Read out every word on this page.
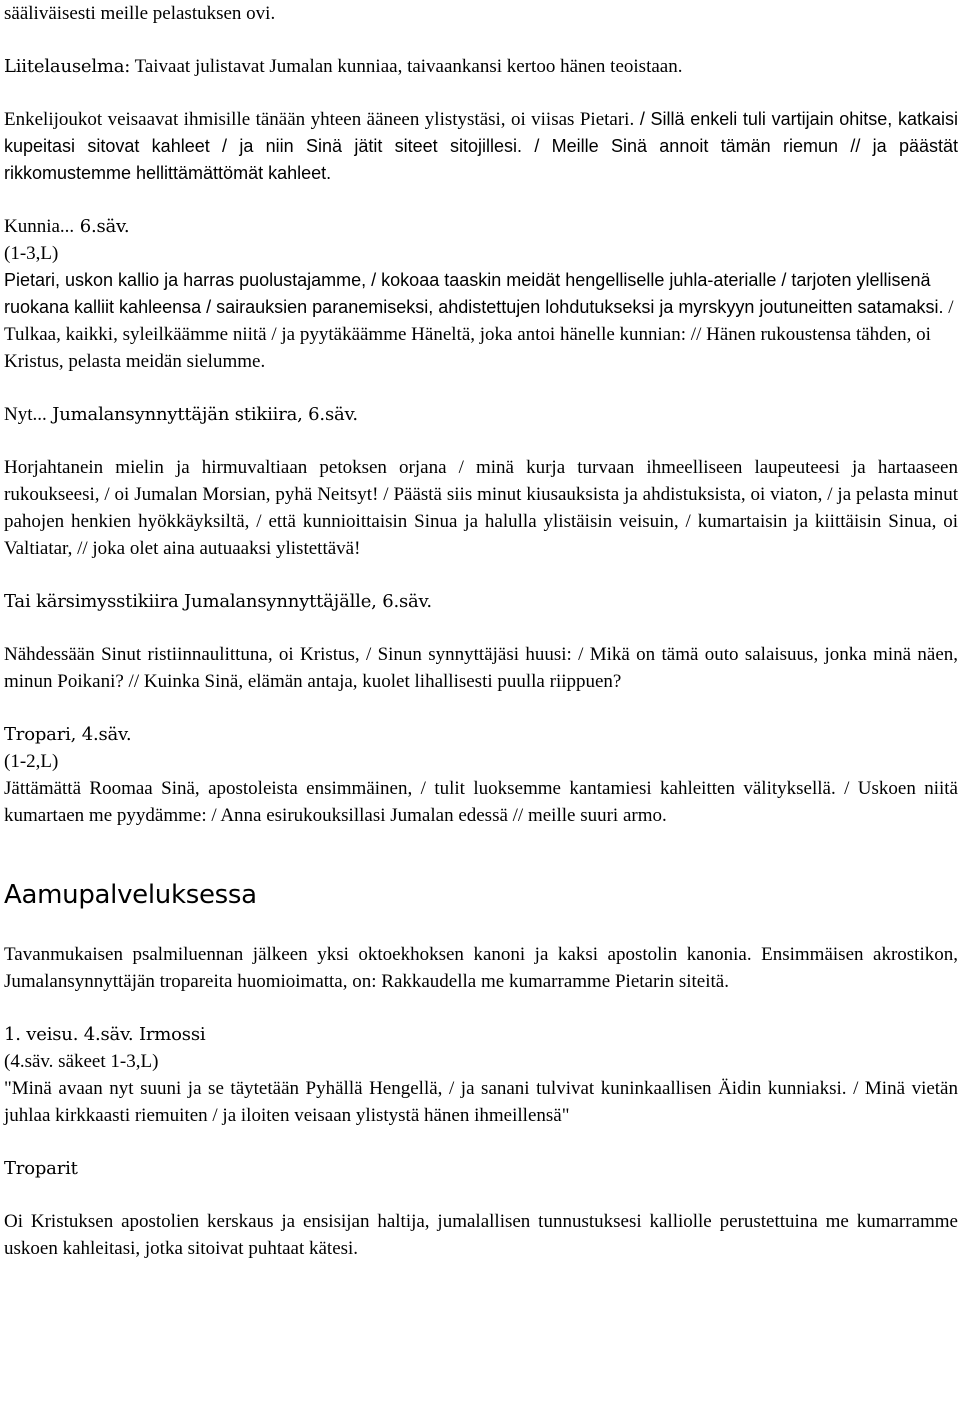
sääliväisesti meille pelastuksen ovi.

Liitelauselma: Taivaat julistavat Jumalan kunniaa, taivaankansi kertoo hänen teoistaan.

Enkelijoukot veisaavat ihmisille tänään yhteen ääneen ylistystäsi, oi viisas Pietari. / Sillä enkeli tuli vartijain ohitse, katkaisi kupeitasi sitovat kahleet / ja niin Sinä jätit siteet sitojillesi. / Meille Sinä annoit tämän riemun // ja päästät rikkomustemme hellittämättömät kahleet.

Kunnia... 6.säv.
(1-3,L)
Pietari, uskon kallio ja harras puolustajamme, / kokoaa taaskin meidät hengelliselle juhla-aterialle / tarjoten ylellisenä ruokana kalliit kahleensa / sairauksien paranemiseksi, ahdistettujen lohdutukseksi ja myrskyyn joutuneitten satamaksi. / Tulkaa, kaikki, syleilkäämme niitä / ja pyytäkäämme Häneltä, joka antoi hänelle kunnian: // Hänen rukoustensa tähden, oi Kristus, pelasta meidän sielumme.

Nyt... Jumalansynnyttäjän stikiira, 6.säv.

Horjahtanein mielin ja hirmuvaltiaan petoksen orjana / minä kurja turvaan ihmeelliseen laupeuteesi ja hartaaseen rukoukseesi, / oi Jumalan Morsian, pyhä Neitsyt! / Päästä siis minut kiusauksista ja ahdistuksista, oi viaton, / ja pelasta minut pahojen henkien hyökkäyksiltä, / että kunnioittaisin Sinua ja halulla ylistäisin veisuin, / kumartaisin ja kiittäisin Sinua, oi Valtiatar, // joka olet aina autuaaksi ylistettävä!

Tai kärsimysstikiira Jumalansynnyttäjälle, 6.säv.

Nähdessään Sinut ristiinnaulittuna, oi Kristus, / Sinun synnyttäjäsi huusi: / Mikä on tämä outo salaisuus, jonka minä näen, minun Poikani? // Kuinka Sinä, elämän antaja, kuolet lihallisesti puulla riippuen?

Tropari, 4.säv.
(1-2,L)

Jättämättä Roomaa Sinä, apostoleista ensimmäinen, / tulit luoksemme kantamiesi kahleitten välityksellä. / Uskoen niitä kumartaen me pyydämme: / Anna esirukouksillasi Jumalan edessä // meille suuri armo.

Aamupalveluksessa

Tavanmukaisen psalmiluennan jälkeen yksi oktoekhoksen kanoni ja kaksi apostolin kanonia. Ensimmäisen akrostikon, Jumalansynnyttäjän tropareita huomioimatta, on: Rakkaudella me kumarramme Pietarin siteitä.

1. veisu. 4.säv. Irmossi
(4.säv. säkeet 1-3,L)

"Minä avaan nyt suuni ja se täytetään Pyhällä Hengellä, / ja sanani tulvivat kuninkaallisen Äidin kunniaksi. / Minä vietän juhlaa kirkkaasti riemuiten / ja iloiten veisaan ylistystä hänen ihmeillensä"

Troparit

Oi Kristuksen apostolien kerskaus ja ensisijan haltija, jumalallisen tunnustuksesi kalliolle perustettuina me kumarramme uskoen kahleitasi, jotka sitoivat puhtaat kätesi.
